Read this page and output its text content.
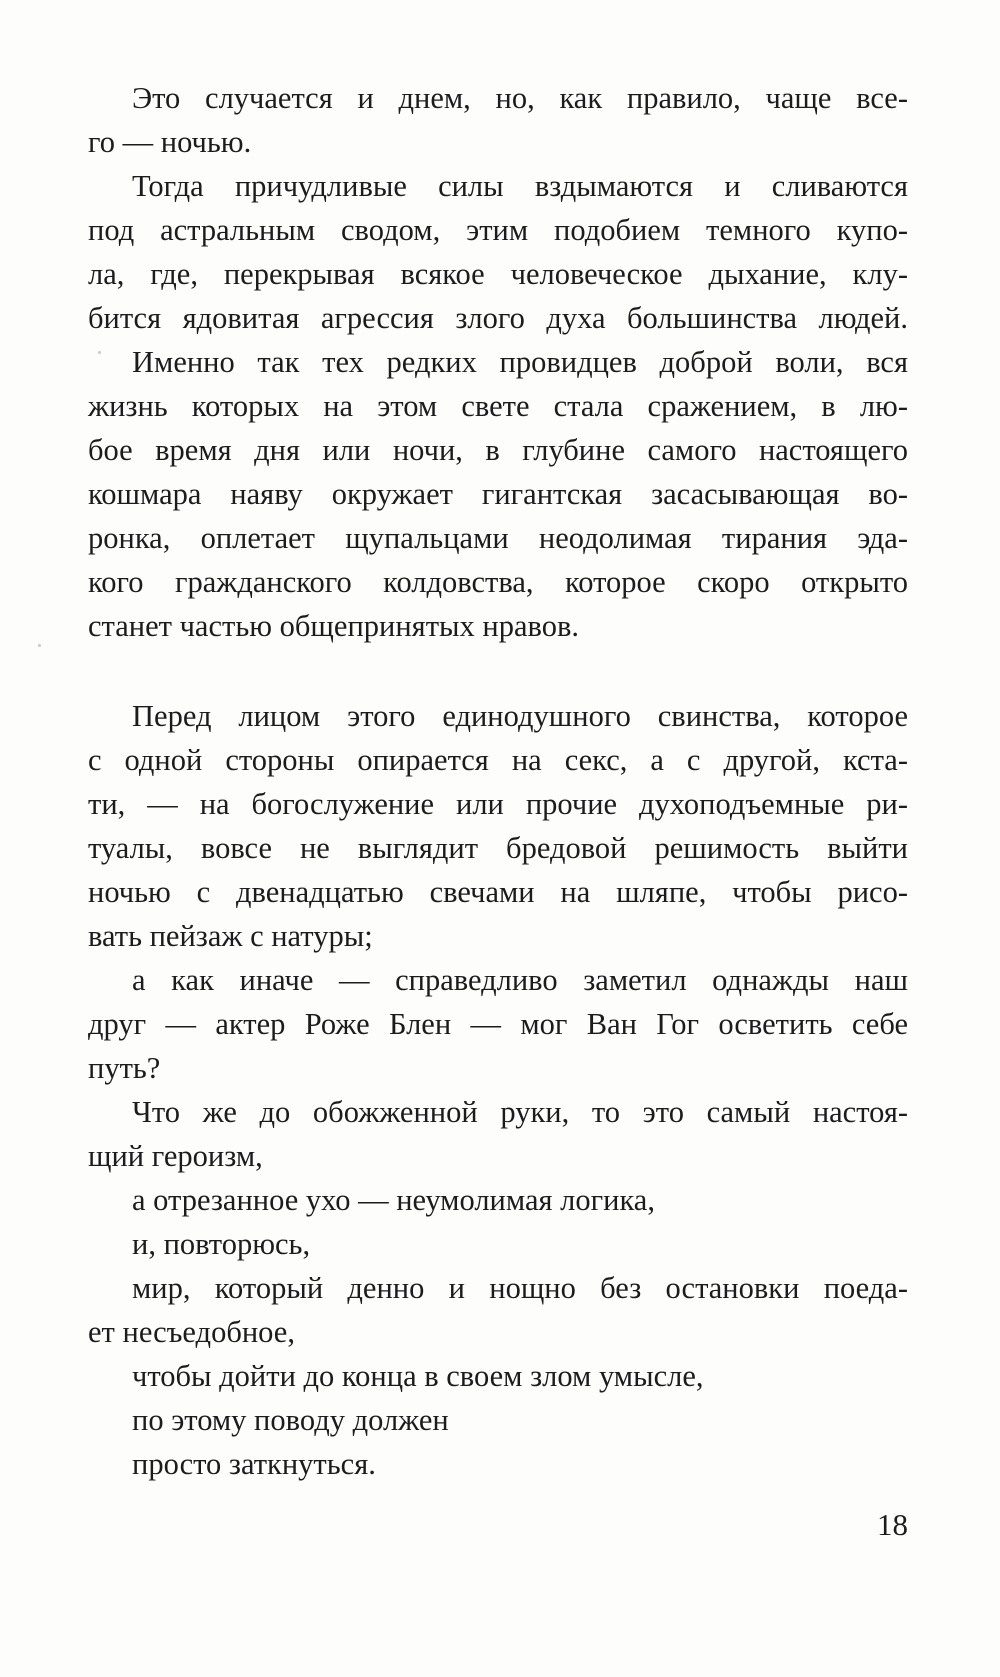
Это случается и днем, но, как правило, чаще все-
го — ночью.
Тогда причудливые силы вздымаются и сливаются
под астральным сводом, этим подобием темного купо-
ла, где, перекрывая всякое человеческое дыхание, клу-
бится ядовитая агрессия злого духа большинства людей.
Именно так тех редких провидцев доброй воли, вся
жизнь которых на этом свете стала сражением, в лю-
бое время дня или ночи, в глубине самого настоящего
кошмара наяву окружает гигантская засасывающая во-
ронка, оплетает щупальцами неодолимая тирания эда-
кого гражданского колдовства, которое скоро открыто
станет частью общепринятых нравов.
Перед лицом этого единодушного свинства, которое
с одной стороны опирается на секс, а с другой, кста-
ти, — на богослужение или прочие духоподъемные ри-
туалы, вовсе не выглядит бредовой решимость выйти
ночью с двенадцатью свечами на шляпе, чтобы рисо-
вать пейзаж с натуры;
а как иначе — справедливо заметил однажды наш
друг — актер Роже Блен — мог Ван Гог осветить себе
путь?
Что же до обожженной руки, то это самый настоя-
щий героизм,
а отрезанное ухо — неумолимая логика,
и, повторюсь,
мир, который денно и нощно без остановки поеда-
ет несъедобное,
чтобы дойти до конца в своем злом умысле,
по этому поводу должен
просто заткнуться.
18
